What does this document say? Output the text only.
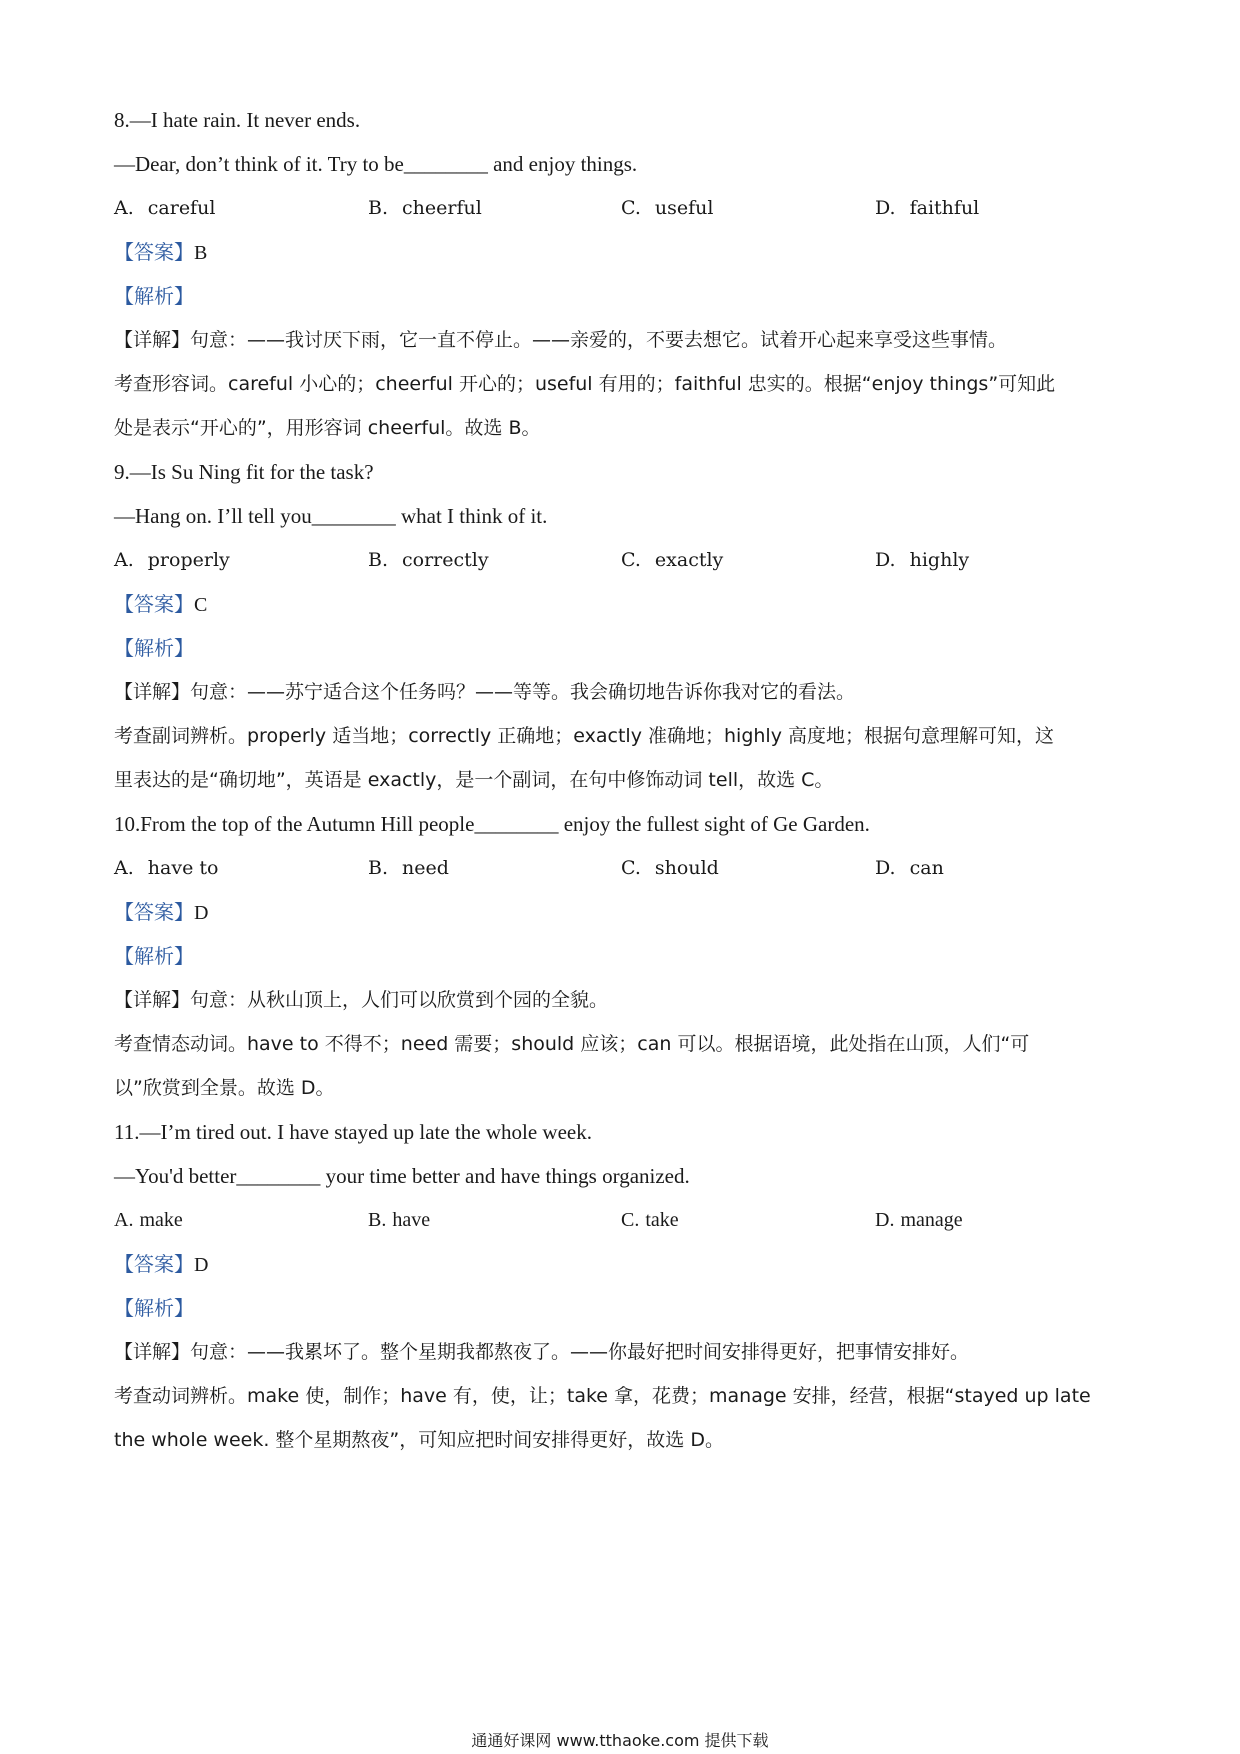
8.—I hate rain. It never ends.
—Dear, don’t think of it. Try to be________ and enjoy things.
A. careful	B. cheerful	C. useful	D. faithful
【答案】B
【解析】
【详解】句意：——我讨厌下雨，它一直不停止。——亲爱的，不要去想它。试着开心起来享受这些事情。
考查形容词。careful 小心的；cheerful 开心的；useful 有用的；faithful 忠实的。根据“enjoy things”可知此
处是表示“开心的”，用形容词 cheerful。故选 B。
9.—Is Su Ning fit for the task?
—Hang on. I’ll tell you________ what I think of it.
A. properly	B. correctly	C. exactly	D. highly
【答案】C
【解析】
【详解】句意：——苏宁适合这个任务吗？——等等。我会确切地告诉你我对它的看法。
考查副词辨析。properly 适当地；correctly 正确地；exactly 准确地；highly 高度地；根据句意理解可知，这
里表达的是“确切地”，英语是 exactly，是一个副词，在句中修饰动词 tell，故选 C。
10.From the top of the Autumn Hill people________ enjoy the fullest sight of Ge Garden.
A. have to	B. need	C. should	D. can
【答案】D
【解析】
【详解】句意：从秋山顶上，人们可以欣赏到个园的全貌。
考查情态动词。have to 不得不；need 需要；should 应该；can 可以。根据语境，此处指在山顶，人们“可
以”欣赏到全景。故选 D。
11.—I’m tired out. I have stayed up late the whole week.
—You'd better________ your time better and have things organized.
A. make	B. have	C. take	D. manage
【答案】D
【解析】
【详解】句意：——我累坏了。整个星期我都熬夜了。——你最好把时间安排得更好，把事情安排好。
考查动词辨析。make 使，制作；have 有，使，让；take 拿，花费；manage 安排，经营，根据“stayed up late
the whole week. 整个星期熬夜”，可知应把时间安排得更好，故选 D。
通通好课网 www.tthaoke.com 提供下载
